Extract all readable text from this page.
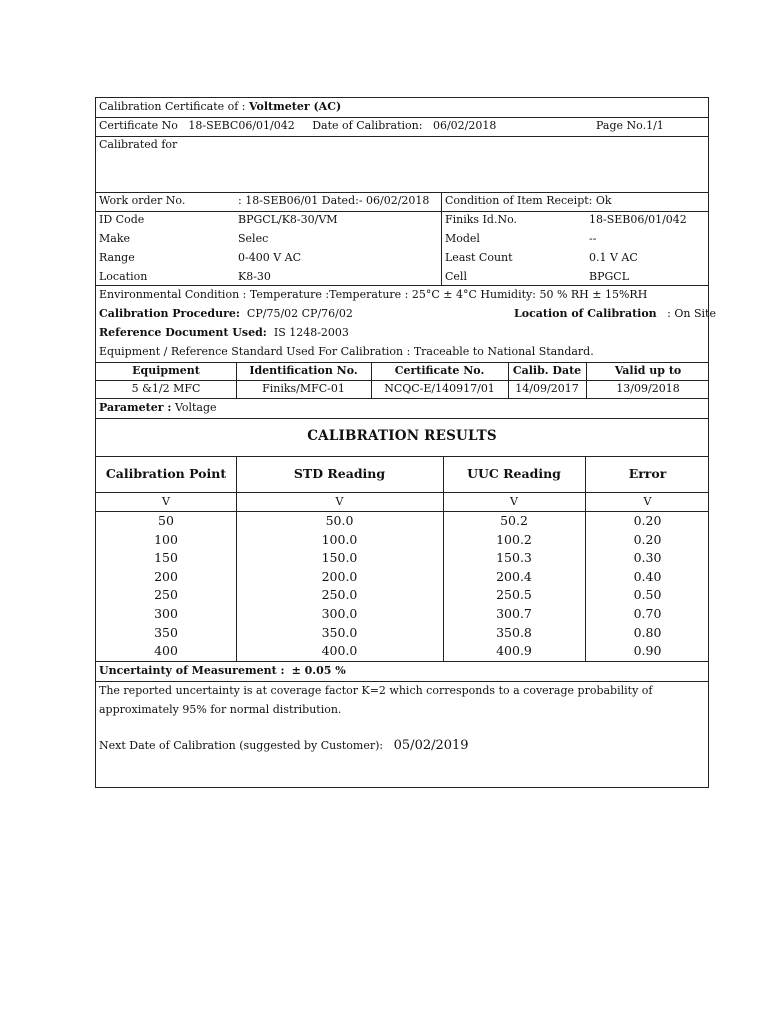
Calibration Certificate of : Voltmeter (AC)
Certificate No 18-SEBC06/01/042 Date of Calibration: 06/02/2018	Page No.1/1
Calibrated for
Work order No.	: 18-SEB06/01 Dated:- 06/02/2018
ID Code	BPGCL/K8-30/VM
Make	Selec
Range	0-400 V AC
Location	K8-30
Condition of Item Receipt: Ok
Finiks Id.No.	18-SEB06/01/042
Model	--
Least Count	0.1 V AC
Cell	BPGCL
Environmental Condition : Temperature :Temperature : 25°C ± 4°C Humidity: 50 % RH ± 15%RH
Calibration Procedure: CP/75/02 CP/76/02	Location of Calibration : On Site
Reference Document Used: IS 1248-2003
Equipment / Reference Standard Used For Calibration : Traceable to National Standard.
Equipment	Identification No.	Certificate No.	Calib. Date	Valid up to
5 &1/2 MFC	Finiks/MFC-01	NCQC-E/140917/01	14/09/2017	13/09/2018
Parameter : Voltage
CALIBRATION RESULTS
Calibration Point	STD Reading	UUC Reading	Error
V	V	V	V
50	50.0	50.2	0.20
100	100.0	100.2	0.20
150	150.0	150.3	0.30
200	200.0	200.4	0.40
250	250.0	250.5	0.50
300	300.0	300.7	0.70
350	350.0	350.8	0.80
400	400.0	400.9	0.90
Uncertainty of Measurement : ± 0.05 %
The reported uncertainty is at coverage factor K=2 which corresponds to a coverage probability of
approximately 95% for normal distribution.
Next Date of Calibration (suggested by Customer): 05/02/2019
